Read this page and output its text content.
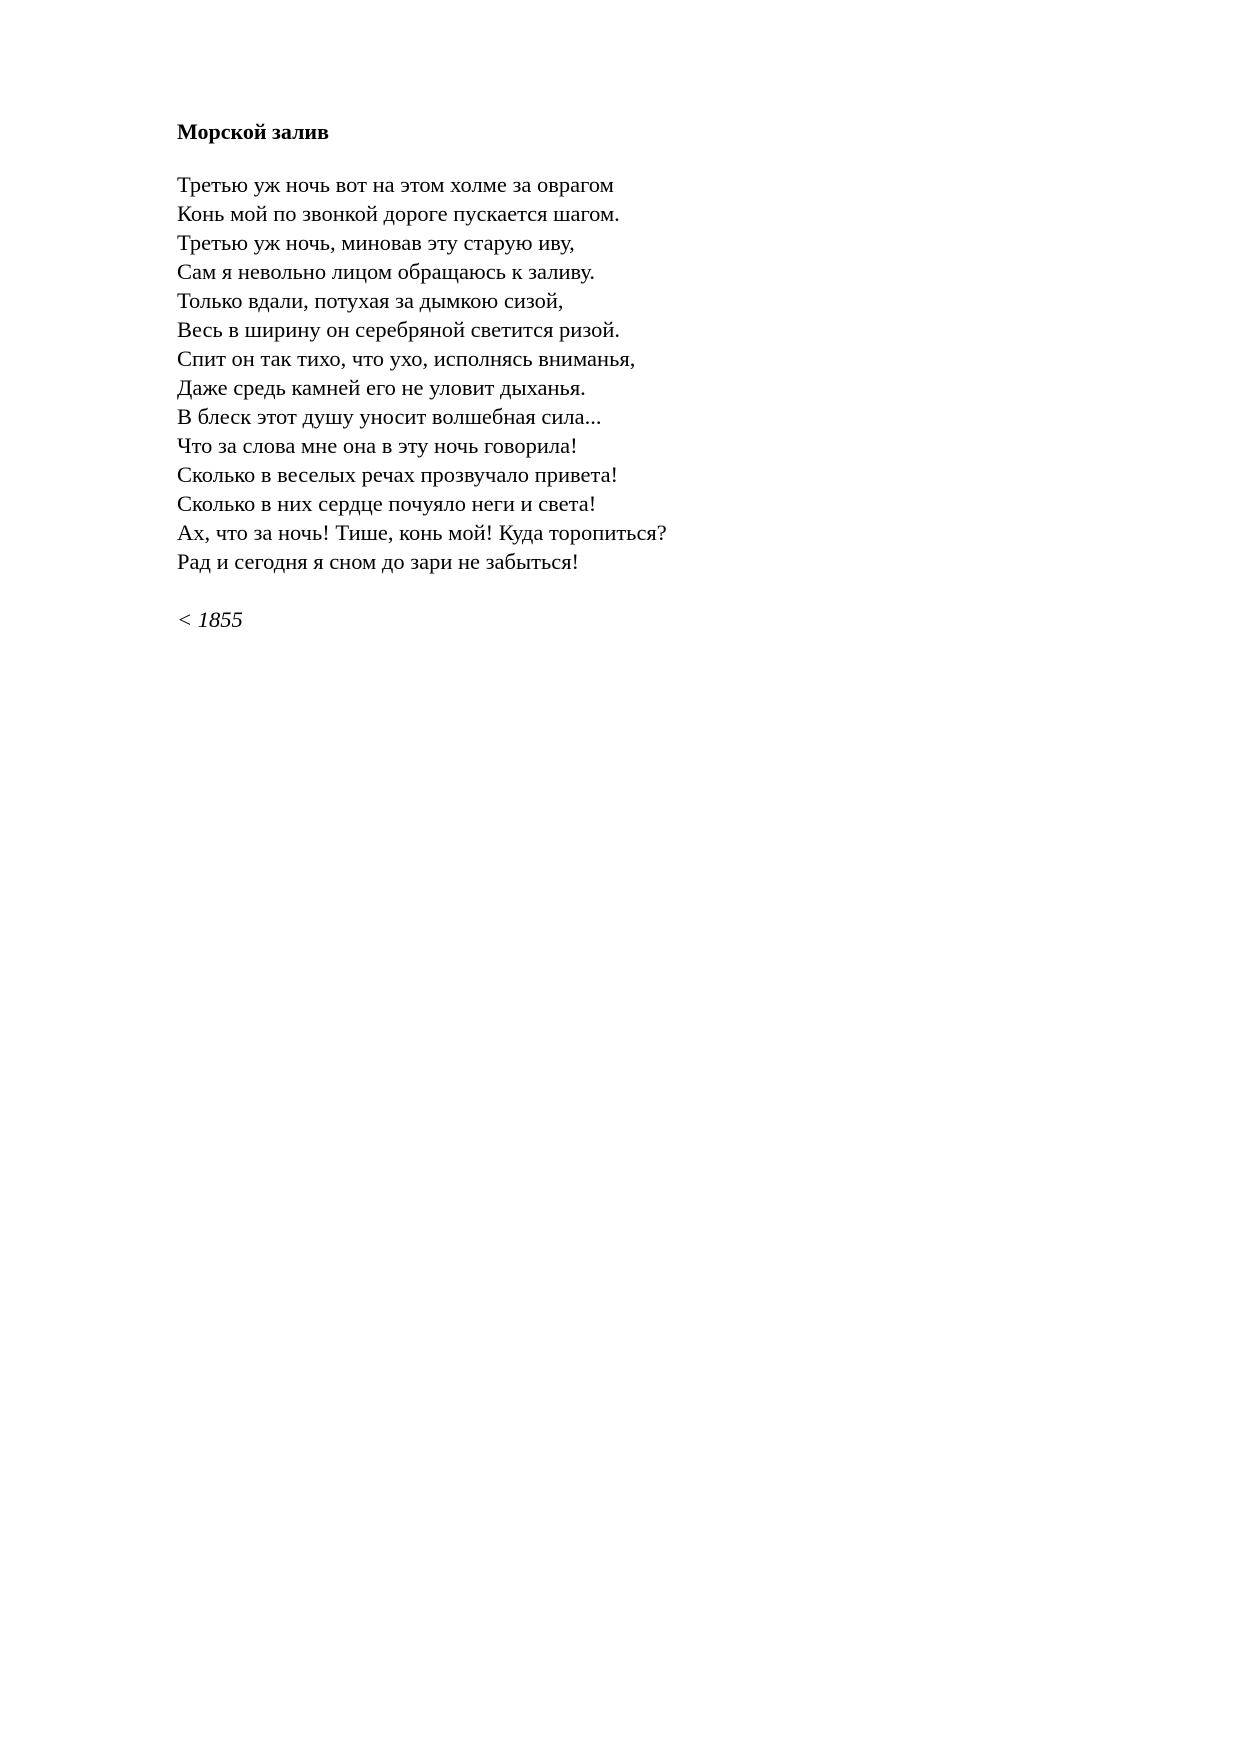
Морской залив
Третью уж ночь вот на этом холме за оврагом
Конь мой по звонкой дороге пускается шагом.
Третью уж ночь, миновав эту старую иву,
Сам я невольно лицом обращаюсь к заливу.
Только вдали, потухая за дымкою сизой,
Весь в ширину он серебряной светится ризой.
Спит он так тихо, что ухо, исполнясь вниманья,
Даже средь камней его не уловит дыханья.
В блеск этот душу уносит волшебная сила...
Что за слова мне она в эту ночь говорила!
Сколько в веселых речах прозвучало привета!
Сколько в них сердце почуяло неги и света!
Ах, что за ночь! Тише, конь мой! Куда торопиться?
Рад и сегодня я сном до зари не забыться!
< 1855
